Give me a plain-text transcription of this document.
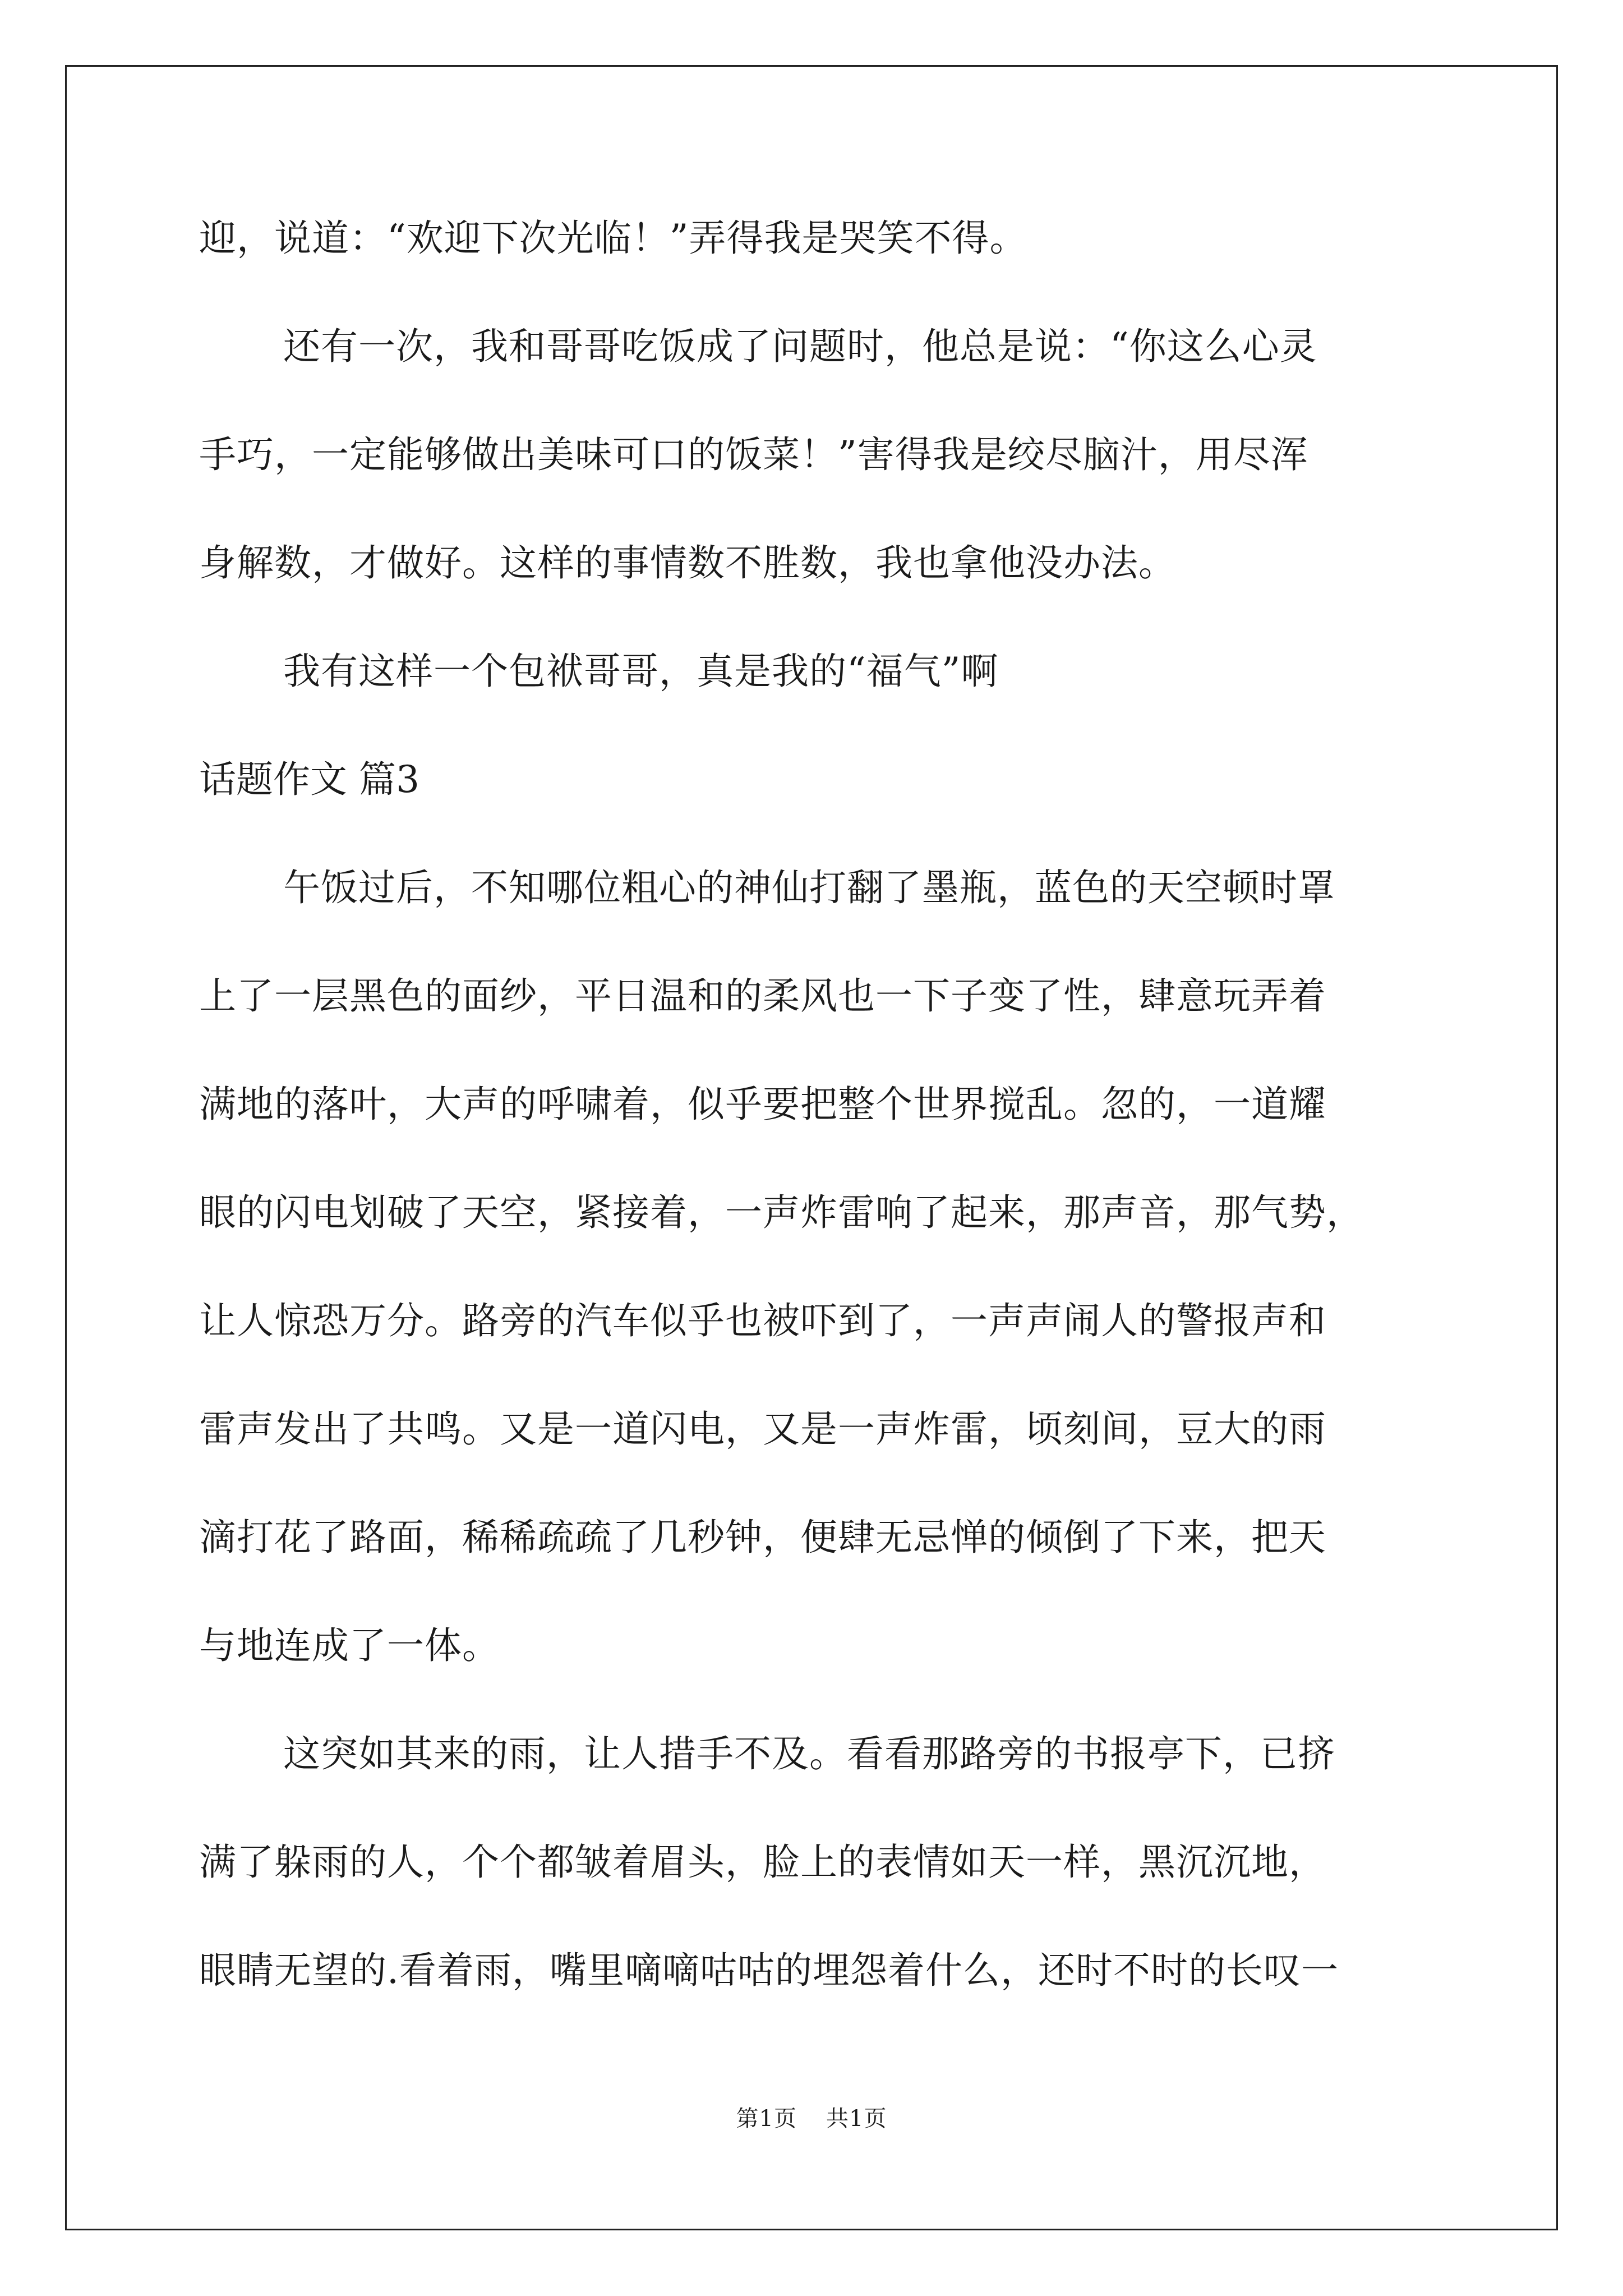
迎，说道：“欢迎下次光临！”弄得我是哭笑不得。
还有一次，我和哥哥吃饭成了问题时，他总是说：“你这么心灵
手巧，一定能够做出美味可口的饭菜！”害得我是绞尽脑汁，用尽浑
身解数，才做好。这样的事情数不胜数，我也拿他没办法。
我有这样一个包袱哥哥，真是我的“福气”啊
话题作文 篇3
午饭过后，不知哪位粗心的神仙打翻了墨瓶，蓝色的天空顿时罩
上了一层黑色的面纱，平日温和的柔风也一下子变了性，肆意玩弄着
满地的落叶，大声的呼啸着，似乎要把整个世界搅乱。忽的，一道耀
眼的闪电划破了天空，紧接着，一声炸雷响了起来，那声音，那气势，
让人惊恐万分。路旁的汽车似乎也被吓到了，一声声闹人的警报声和
雷声发出了共鸣。又是一道闪电，又是一声炸雷，顷刻间，豆大的雨
滴打花了路面，稀稀疏疏了几秒钟，便肆无忌惮的倾倒了下来，把天
与地连成了一体。
这突如其来的雨，让人措手不及。看看那路旁的书报亭下，已挤
满了躲雨的人，个个都皱着眉头，脸上的表情如天一样，黑沉沉地，
眼睛无望的.看着雨，嘴里嘀嘀咕咕的埋怨着什么，还时不时的长叹一
第1页 共1页
